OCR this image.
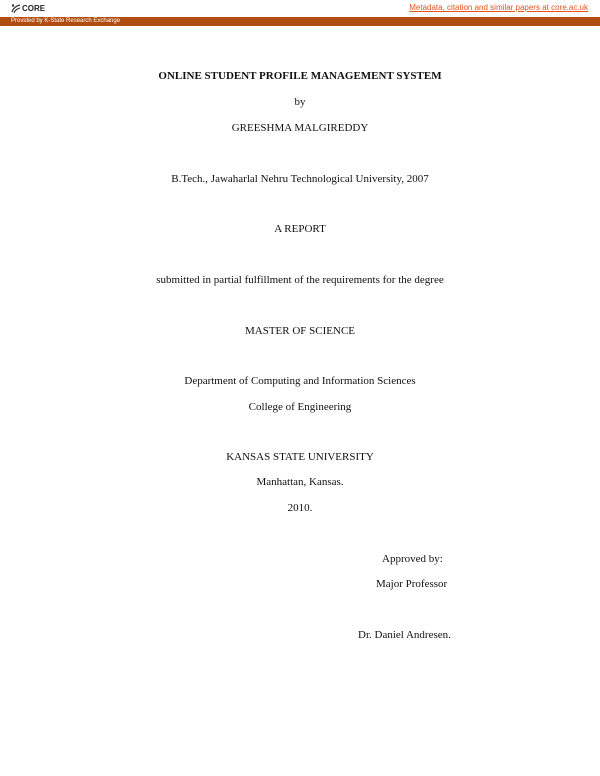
CORE	Metadata, citation and similar papers at core.ac.uk
Provided by K-State Research Exchange
ONLINE STUDENT PROFILE MANAGEMENT SYSTEM
by
GREESHMA MALGIREDDY
B.Tech., Jawaharlal Nehru Technological University, 2007
A REPORT
submitted in partial fulfillment of the requirements for the degree
MASTER OF SCIENCE
Department of Computing and Information Sciences
College of Engineering
KANSAS STATE UNIVERSITY
Manhattan, Kansas.
2010.
Approved by:
Major Professor
Dr. Daniel Andresen.
